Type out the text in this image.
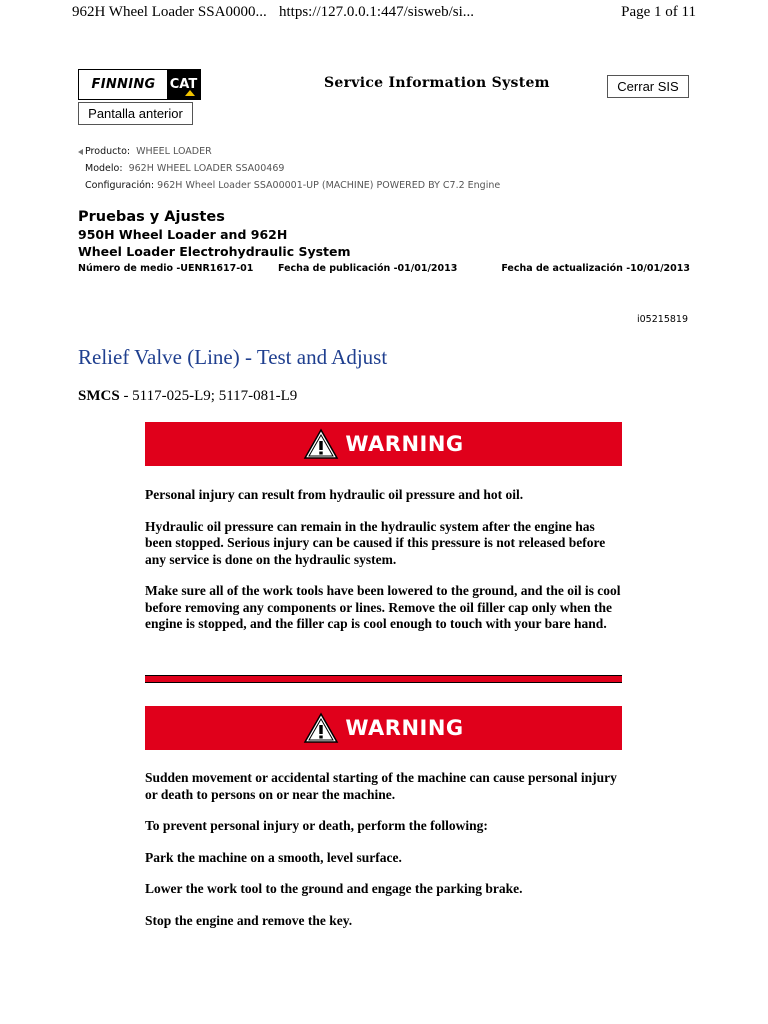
962H Wheel Loader SSA0000... https://127.0.0.1:447/sisweb/si...	Page 1 of 11
FINNING	CAT	Service Information System	Cerrar SIS
Pantalla anterior
Producto: WHEEL LOADER
Modelo: 962H WHEEL LOADER SSA00469
Configuración: 962H Wheel Loader SSA00001-UP (MACHINE) POWERED BY C7.2 Engine
Pruebas y Ajustes
950H Wheel Loader and 962H
Wheel Loader Electrohydraulic System
Número de medio -UENR1617-01	Fecha de publicación -01/01/2013	Fecha de actualización -10/01/2013
i05215819
Relief Valve (Line) - Test and Adjust
SMCS - 5117-025-L9; 5117-081-L9
WARNING

Personal injury can result from hydraulic oil pressure and hot oil.

Hydraulic oil pressure can remain in the hydraulic system after the engine has been stopped. Serious injury can be caused if this pressure is not released before any service is done on the hydraulic system.

Make sure all of the work tools have been lowered to the ground, and the oil is cool before removing any components or lines. Remove the oil filler cap only when the engine is stopped, and the filler cap is cool enough to touch with your bare hand.

WARNING

Sudden movement or accidental starting of the machine can cause personal injury or death to persons on or near the machine.

To prevent personal injury or death, perform the following:

Park the machine on a smooth, level surface.

Lower the work tool to the ground and engage the parking brake.

Stop the engine and remove the key.
